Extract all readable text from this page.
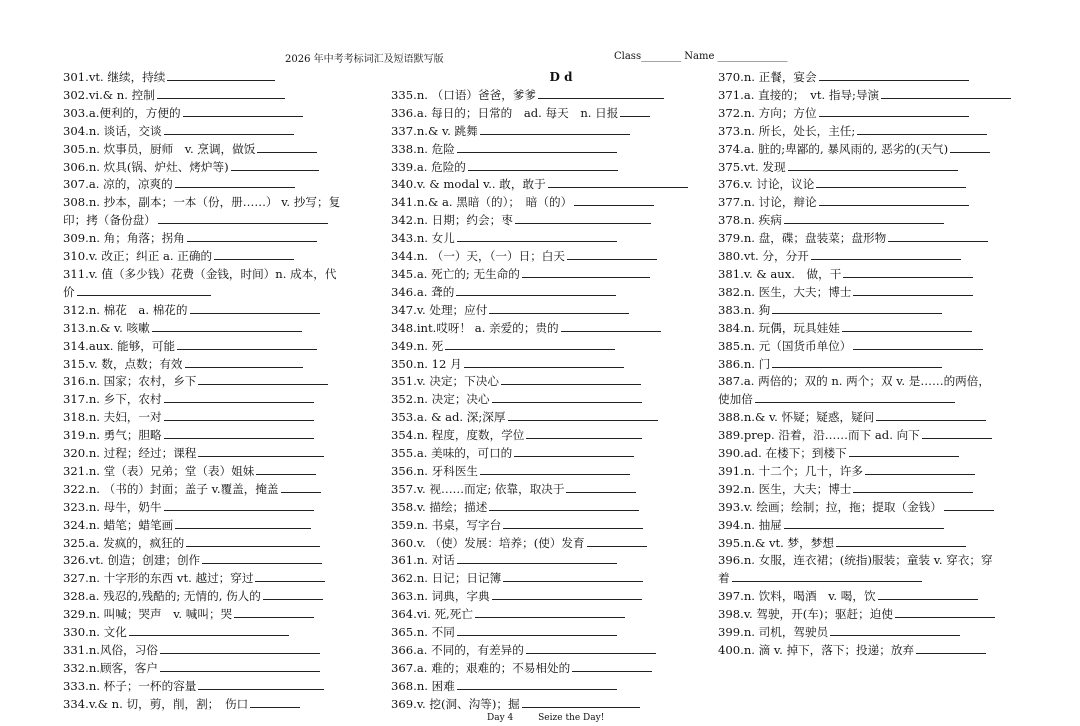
2026 年中考考标词汇及短语默写版	Class________ Name ______________
301.vt. 继续，持续
302.vi.& n. 控制
303.a.便利的，方便的
304.n. 谈话，交谈
305.n. 炊事员，厨师　v. 烹调，做饭
306.n. 炊具(锅、炉灶、烤炉等)
307.a. 凉的，凉爽的
308.n. 抄本，副本；一本（份，册……） v. 抄写；复
印；拷（备份盘）
309.n. 角；角落；拐角
310.v. 改正；纠正 a. 正确的
311.v. 值（多少钱）花费（金钱，时间）n. 成本，代
价
312.n. 棉花　a. 棉花的
313.n.& v. 咳嗽
314.aux. 能够，可能
315.v. 数，点数；有效
316.n. 国家；农村，乡下
317.n. 乡下，农村
318.n. 夫妇，一对
319.n. 勇气；胆略
320.n. 过程；经过；课程
321.n. 堂（表）兄弟；堂（表）姐妹
322.n. （书的）封面；盖子 v.覆盖，掩盖
323.n. 母牛，奶牛
324.n. 蜡笔；蜡笔画
325.a. 发疯的，疯狂的
326.vt. 创造；创建；创作
327.n. 十字形的东西 vt. 越过；穿过
328.a. 残忍的,残酷的; 无情的, 伤人的
329.n. 叫喊；哭声　v. 喊叫；哭
330.n. 文化
331.n.风俗，习俗
332.n.顾客，客户
333.n. 杯子；一杯的容量
334.v.& n. 切，剪，削，割；　伤口
D d
335.n. （口语）爸爸，爹爹
336.a. 每日的；日常的　ad. 每天　n. 日报
337.n.& v. 跳舞
338.n. 危险
339.a. 危险的
340.v. & modal v.. 敢，敢于
341.n.& a. 黑暗（的）；　暗（的）
342.n. 日期；约会；枣
343.n. 女儿
344.n. （一）天，（一）日；白天
345.a. 死亡的; 无生命的
346.a. 聋的
347.v. 处理；应付
348.int.哎呀！ a. 亲爱的；贵的
349.n. 死
350.n. 12 月
351.v. 决定；下决心
352.n. 决定；决心
353.a. & ad. 深;深厚
354.n. 程度，度数，学位
355.a. 美味的，可口的
356.n. 牙科医生
357.v. 视……而定; 依靠，取决于
358.v. 描绘；描述
359.n. 书桌，写字台
360.v. （使）发展：培养；(使）发育
361.n. 对话
362.n. 日记；日记簿
363.n. 词典，字典
364.vi. 死,死亡
365.n. 不同
366.a. 不同的，有差异的
367.a. 难的；艰难的；不易相处的
368.n. 困难
369.v. 挖(洞、沟等)；掘
370.n. 正餐，宴会
371.a. 直接的；　vt. 指导;导演
372.n. 方向；方位
373.n. 所长，处长，主任;
374.a. 脏的;卑鄙的, 暴风雨的, 恶劣的(天气)
375.vt. 发现
376.v. 讨论，议论
377.n. 讨论，辩论
378.n. 疾病
379.n. 盘，碟；盘装菜；盘形物
380.vt. 分，分开
381.v. & aux.　做，干
382.n. 医生，大夫；博士
383.n. 狗
384.n. 玩偶，玩具娃娃
385.n. 元（国货币单位）
386.n. 门
387.a. 两倍的；双的 n. 两个；双 v. 是……的两倍，
使加倍
388.n.& v. 怀疑；疑惑，疑问
389.prep. 沿着，沿……而下 ad. 向下
390.ad. 在楼下；到楼下
391.n. 十二个；几十，许多
392.n. 医生，大夫；博士
393.v. 绘画；绘制；拉，拖；提取（金钱）
394.n. 抽屉
395.n.& vt. 梦，梦想
396.n. 女服，连衣裙；(统指)服装；童装 v. 穿衣；穿
着
397.n. 饮料，喝酒　v. 喝，饮
398.v. 驾驶，开(车)；驱赶；迫使
399.n. 司机，驾驶员
400.n. 滴 v. 掉下，落下；投递；放弃
Day 4	Seize the Day!
